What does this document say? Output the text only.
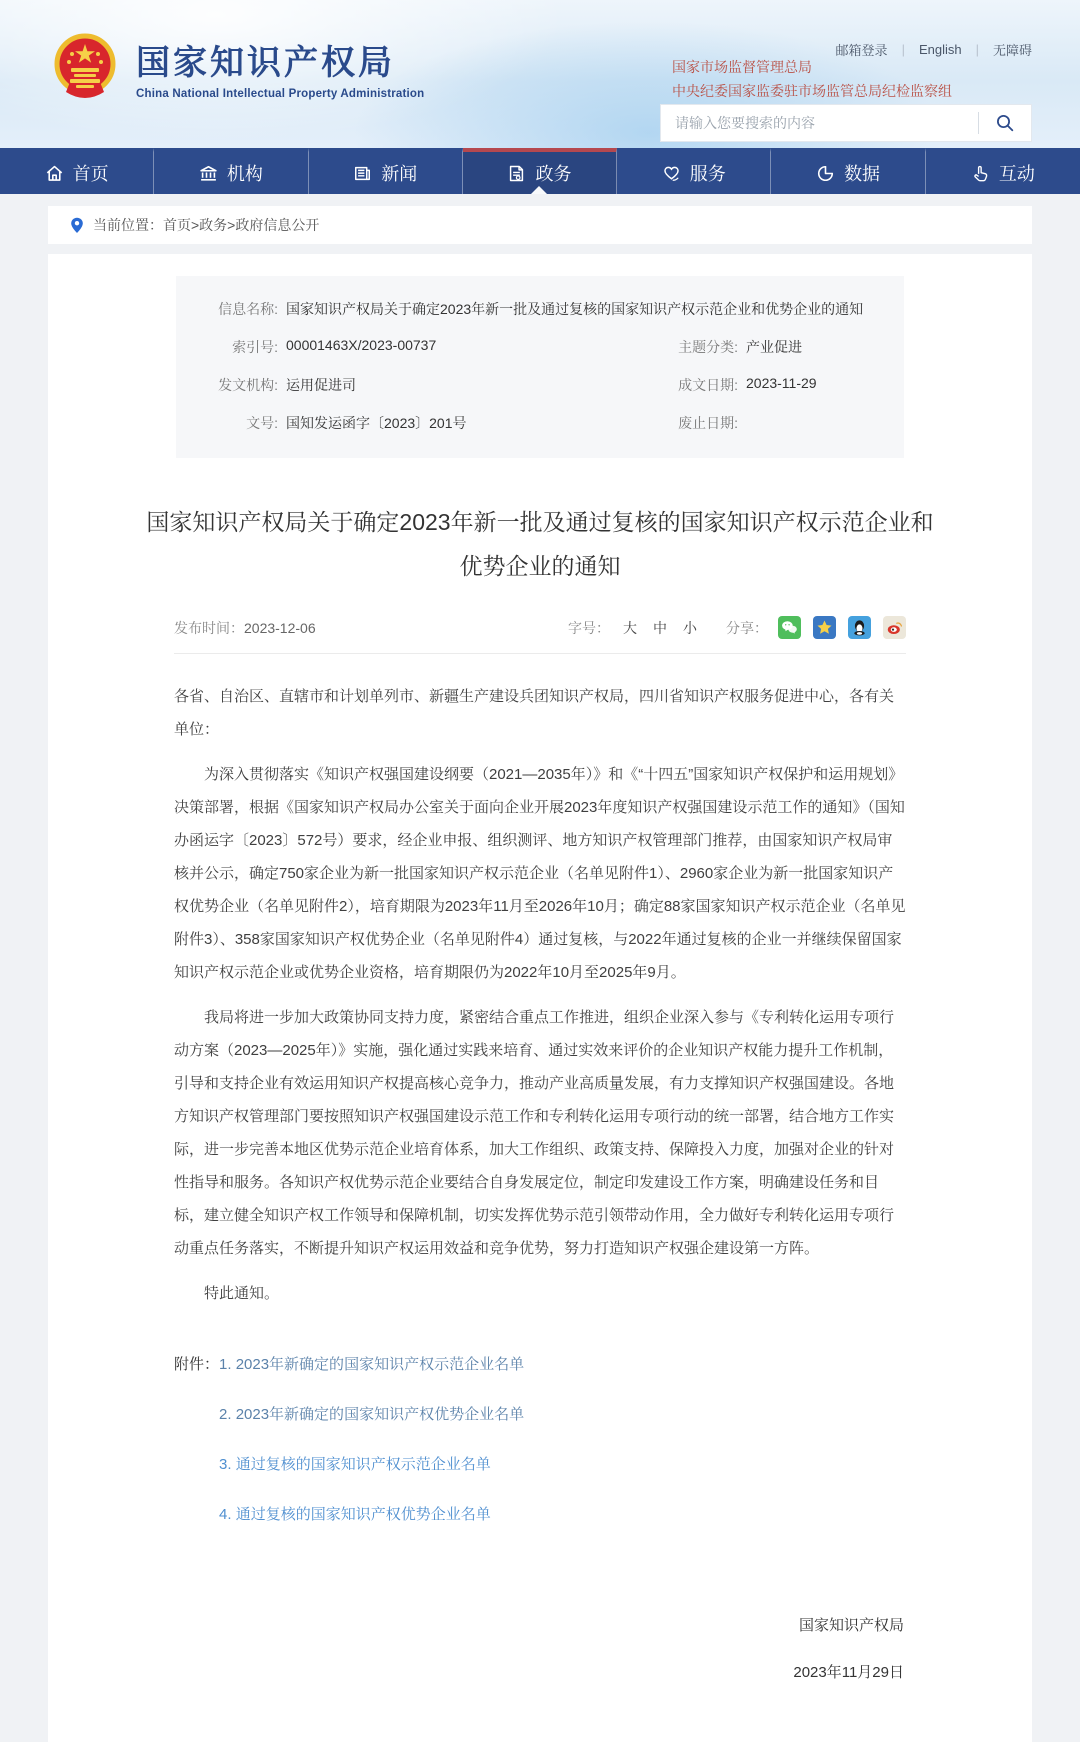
国家知识产权局
China National Intellectual Property Administration
邮箱登录 | English | 无障碍
国家市场监督管理总局
中央纪委国家监委驻市场监管总局纪检监察组
请输入您要搜索的内容
首页	机构	新闻	政务	服务	数据	互动
当前位置： 首页>政务>政府信息公开
信息名称: 国家知识产权局关于确定2023年新一批及通过复核的国家知识产权示范企业和优势企业的通知
索引号: 00001463X/2023-00737	主题分类: 产业促进
发文机构: 运用促进司	成文日期: 2023-11-29
文号: 国知发运函字〔2023〕201号	废止日期:
国家知识产权局关于确定2023年新一批及通过复核的国家知识产权示范企业和优势企业的通知
发布时间：2023-12-06	字号： 大 中 小 分享：

各省、自治区、直辖市和计划单列市、新疆生产建设兵团知识产权局，四川省知识产权服务促进中心，各有关单位：

为深入贯彻落实《知识产权强国建设纲要（2021—2035年）》和《“十四五”国家知识产权保护和运用规划》决策部署，根据《国家知识产权局办公室关于面向企业开展2023年度知识产权强国建设示范工作的通知》（国知办函运字〔2023〕572号）要求，经企业申报、组织测评、地方知识产权管理部门推荐，由国家知识产权局审核并公示，确定750家企业为新一批国家知识产权示范企业（名单见附件1）、2960家企业为新一批国家知识产权优势企业（名单见附件2），培育期限为2023年11月至2026年10月；确定88家国家知识产权示范企业（名单见附件3）、358家国家知识产权优势企业（名单见附件4）通过复核，与2022年通过复核的企业一并继续保留国家知识产权示范企业或优势企业资格，培育期限仍为2022年10月至2025年9月。

我局将进一步加大政策协同支持力度，紧密结合重点工作推进，组织企业深入参与《专利转化运用专项行动方案（2023—2025年）》实施，强化通过实践来培育、通过实效来评价的企业知识产权能力提升工作机制，引导和支持企业有效运用知识产权提高核心竞争力，推动产业高质量发展，有力支撑知识产权强国建设。各地方知识产权管理部门要按照知识产权强国建设示范工作和专利转化运用专项行动的统一部署，结合地方工作实际，进一步完善本地区优势示范企业培育体系，加大工作组织、政策支持、保障投入力度，加强对企业的针对性指导和服务。各知识产权优势示范企业要结合自身发展定位，制定印发建设工作方案，明确建设任务和目标，建立健全知识产权工作领导和保障机制，切实发挥优势示范引领带动作用，全力做好专利转化运用专项行动重点任务落实，不断提升知识产权运用效益和竞争优势，努力打造知识产权强企建设第一方阵。

特此通知。

附件： 1. 2023年新确定的国家知识产权示范企业名单
2. 2023年新确定的国家知识产权优势企业名单
3. 通过复核的国家知识产权示范企业名单
4. 通过复核的国家知识产权优势企业名单
国家知识产权局
2023年11月29日
